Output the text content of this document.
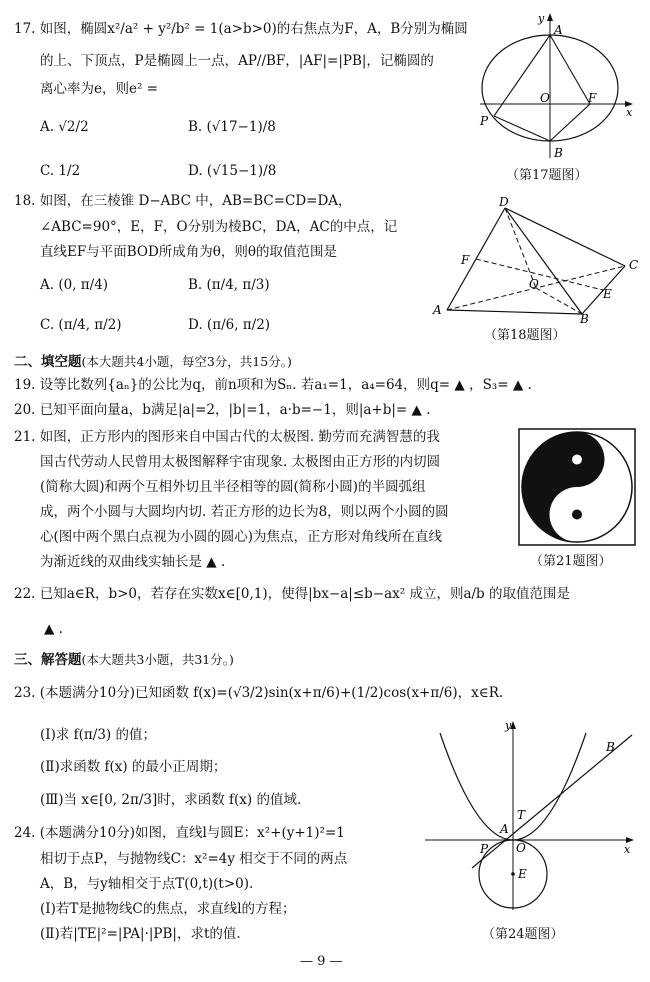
17. 如图，椭圆x²/a² + y²/b² = 1(a>b>0)的右焦点为F，A，B分别为椭圆
的上、下顶点，P是椭圆上一点，AP//BF，|AF|=|PB|，记椭圆的
离心率为e，则e² =
A. √2/2	B. (√17−1)/8
C. 1/2	D. (√15−1)/8
y
x
A
O	F
P
B
（第17题图）
18. 如图，在三棱锥 D−ABC 中，AB=BC=CD=DA，
∠ABC=90°，E，F，O分别为棱BC，DA，AC的中点，记
直线EF与平面BOD所成角为θ，则θ的取值范围是
A. (0, π/4)	B. (π/4, π/3)
C. (π/4, π/2)	D. (π/6, π/2)
D
F	C
O
E
A
B
（第18题图）
二、填空题(本大题共4小题，每空3分，共15分。)
19. 设等比数列{aₙ}的公比为q，前n项和为Sₙ. 若a₁=1，a₄=64，则q= ▲ ，S₃= ▲ .
20. 已知平面向量a，b满足|a|=2，|b|=1，a·b=−1，则|a+b|= ▲ .
21. 如图，正方形内的图形来自中国古代的太极图. 勤劳而充满智慧的我
国古代劳动人民曾用太极图解释宇宙现象. 太极图由正方形的内切圆
(简称大圆)和两个互相外切且半径相等的圆(简称小圆)的半圆弧组
成，两个小圆与大圆均内切. 若正方形的边长为8，则以两个小圆的圆
心(图中两个黑白点视为小圆的圆心)为焦点，正方形对角线所在直线
为渐近线的双曲线实轴长是 ▲ .	（第21题图）
22. 已知a∈R，b>0，若存在实数x∈[0,1)，使得|bx−a|≤b−ax² 成立，则a/b 的取值范围是
▲ .
三、解答题(本大题共3小题，共31分。)
23. (本题满分10分)已知函数 f(x)=(√3/2)sin(x+π/6)+(1/2)cos(x+π/6)，x∈R.
(Ⅰ)求 f(π/3) 的值；
(Ⅱ)求函数 f(x) 的最小正周期；
(Ⅲ)当 x∈[0, 2π/3]时，求函数 f(x) 的值域.
24. (本题满分10分)如图，直线l与圆E：x²+(y+1)²=1
相切于点P，与抛物线C：x²=4y 相交于不同的两点
A，B，与y轴相交于点T(0,t)(t>0).
(Ⅰ)若T是抛物线C的焦点，求直线l的方程；
(Ⅱ)若|TE|²=|PA|·|PB|，求t的值.
y
x
B
T
A
O
P
E
（第24题图）
— 9 —
